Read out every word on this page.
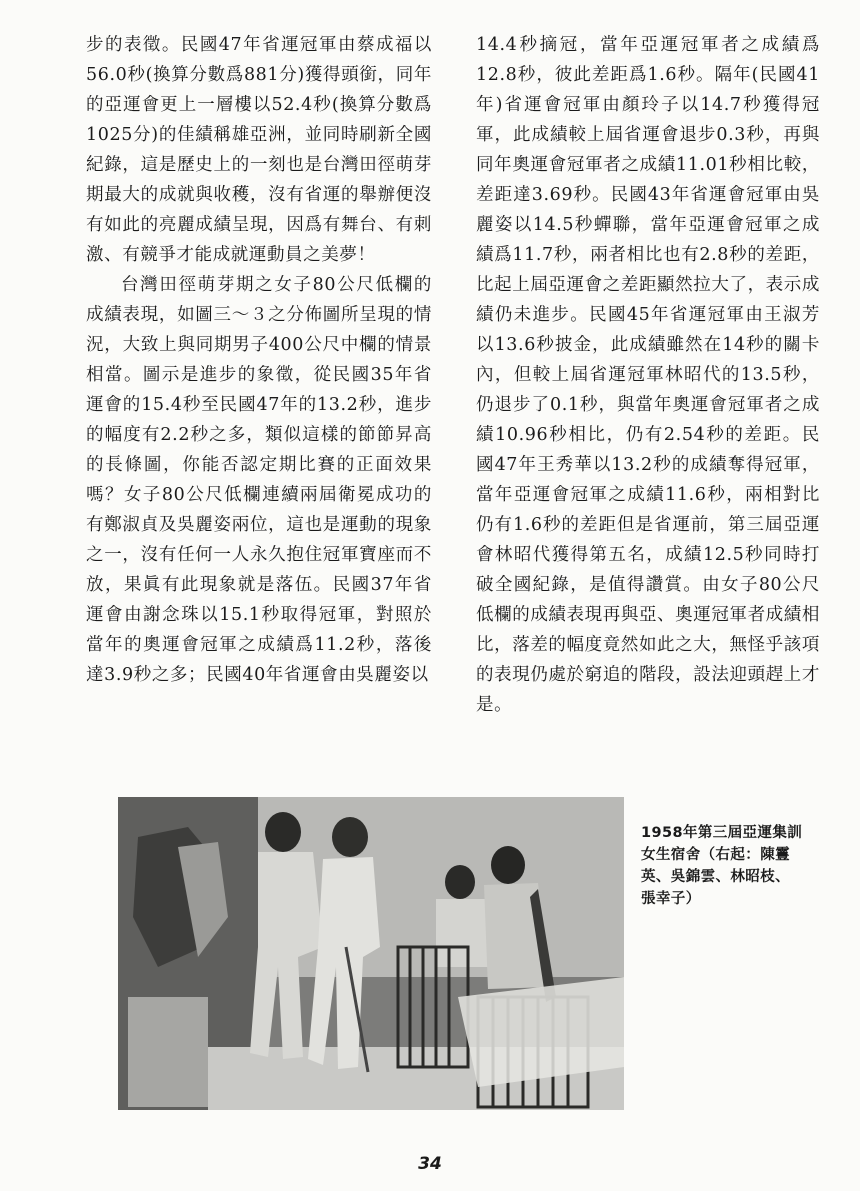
步的表徵。民國47年省運冠軍由蔡成福以56.0秒(換算分數爲881分)獲得頭銜，同年的亞運會更上一層樓以52.4秒(換算分數爲1025分)的佳績稱雄亞洲，並同時刷新全國紀錄，這是歷史上的一刻也是台灣田徑萌芽期最大的成就與收穫，沒有省運的舉辦便沒有如此的亮麗成績呈現，因爲有舞台、有刺激、有競爭才能成就運動員之美夢！

台灣田徑萌芽期之女子80公尺低欄的成績表現，如圖三～３之分佈圖所呈現的情況，大致上與同期男子400公尺中欄的情景相當。圖示是進步的象徵，從民國35年省運會的15.4秒至民國47年的13.2秒，進步的幅度有2.2秒之多，類似這樣的節節昇高的長條圖，你能否認定期比賽的正面效果嗎？女子80公尺低欄連續兩屆衛冕成功的有鄭淑貞及吳麗姿兩位，這也是運動的現象之一，沒有任何一人永久抱住冠軍寶座而不放，果眞有此現象就是落伍。民國37年省運會由謝念珠以15.1秒取得冠軍，對照於當年的奧運會冠軍之成績爲11.2秒，落後達3.9秒之多；民國40年省運會由吳麗姿以

14.4秒摘冠，當年亞運冠軍者之成績爲12.8秒，彼此差距爲1.6秒。隔年(民國41年)省運會冠軍由顏玲子以14.7秒獲得冠軍，此成績較上屆省運會退步0.3秒，再與同年奧運會冠軍者之成績11.01秒相比較，差距達3.69秒。民國43年省運會冠軍由吳麗姿以14.5秒蟬聯，當年亞運會冠軍之成績爲11.7秒，兩者相比也有2.8秒的差距，比起上屆亞運會之差距顯然拉大了，表示成績仍未進步。民國45年省運冠軍由王淑芳以13.6秒披金，此成績雖然在14秒的關卡內，但較上屆省運冠軍林昭代的13.5秒，仍退步了0.1秒，與當年奧運會冠軍者之成績10.96秒相比，仍有2.54秒的差距。民國47年王秀華以13.2秒的成績奪得冠軍，當年亞運會冠軍之成績11.6秒，兩相對比仍有1.6秒的差距但是省運前，第三屆亞運會林昭代獲得第五名，成績12.5秒同時打破全國紀錄，是值得讚賞。由女子80公尺低欄的成績表現再與亞、奧運冠軍者成績相比，落差的幅度竟然如此之大，無怪乎該項的表現仍處於窮追的階段，設法迎頭趕上才是。

1958年第三屆亞運集訓
女生宿舍（右起：陳霻
英、吳錦雲、林昭枝、
張幸子）
34
